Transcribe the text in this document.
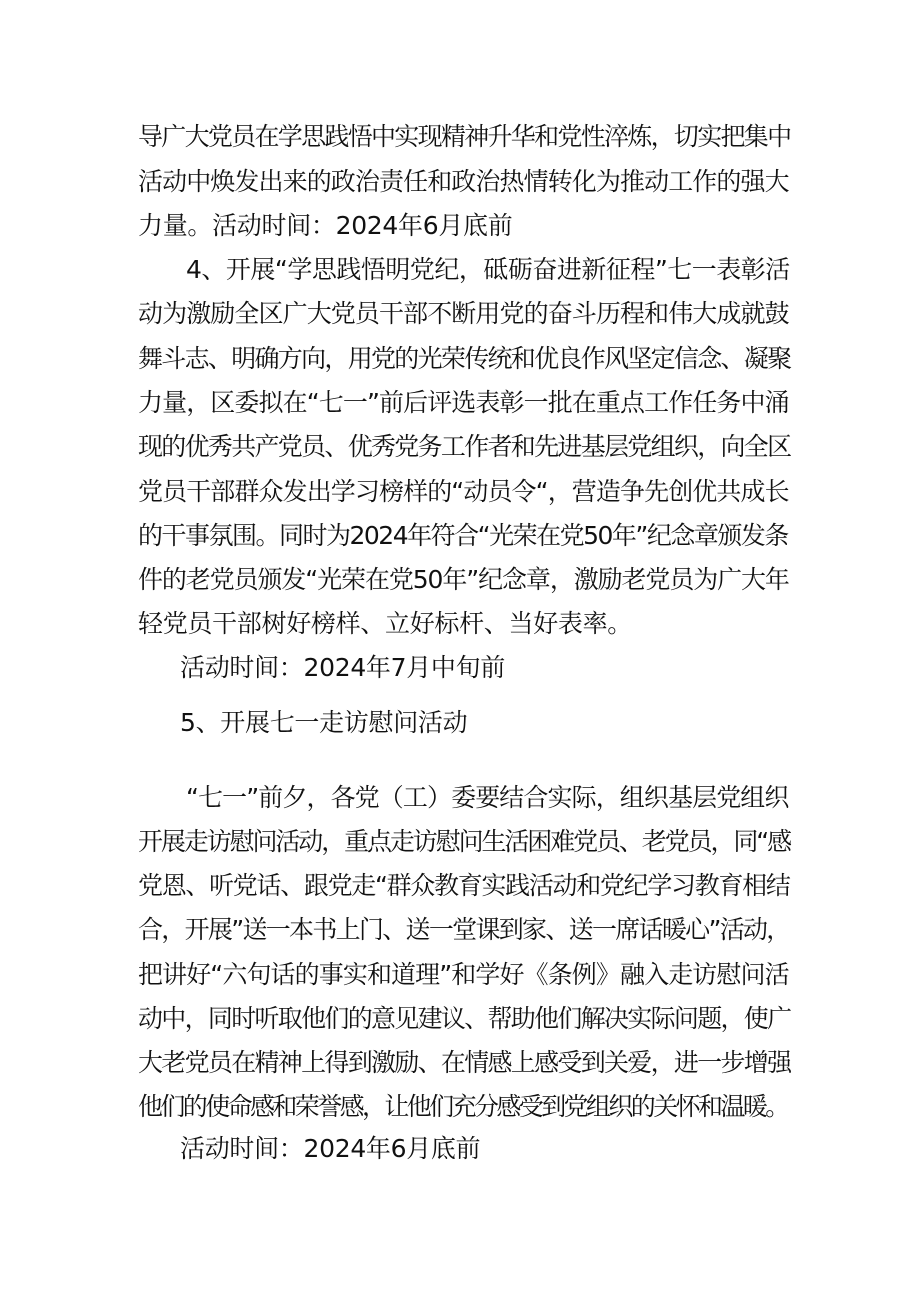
导广大党员在学思践悟中实现精神升华和党性淬炼，切实把集中
活动中焕发出来的政治责任和政治热情转化为推动工作的强大
力量。活动时间：2024年6月底前
4、开展“学思践悟明党纪，砥砺奋进新征程”七一表彰活
动为激励全区广大党员干部不断用党的奋斗历程和伟大成就鼓
舞斗志、明确方向，用党的光荣传统和优良作风坚定信念、凝聚
力量，区委拟在“七一”前后评选表彰一批在重点工作任务中涌
现的优秀共产党员、优秀党务工作者和先进基层党组织，向全区
党员干部群众发出学习榜样的“动员令“，营造争先创优共成长
的干事氛围。同时为2024年符合“光荣在党50年”纪念章颁发条
件的老党员颁发“光荣在党50年”纪念章，激励老党员为广大年
轻党员干部树好榜样、立好标杆、当好表率。
活动时间：2024年7月中旬前
5、开展七一走访慰问活动
“七一”前夕，各党（工）委要结合实际，组织基层党组织
开展走访慰问活动，重点走访慰问生活困难党员、老党员，同“感
党恩、听党话、跟党走“群众教育实践活动和党纪学习教育相结
合，开展”送一本书上门、送一堂课到家、送一席话暖心”活动，
把讲好“六句话的事实和道理”和学好《条例》融入走访慰问活
动中，同时听取他们的意见建议、帮助他们解决实际问题，使广
大老党员在精神上得到激励、在情感上感受到关爱，进一步增强
他们的使命感和荣誉感，让他们充分感受到党组织的关怀和温暖。
活动时间：2024年6月底前
